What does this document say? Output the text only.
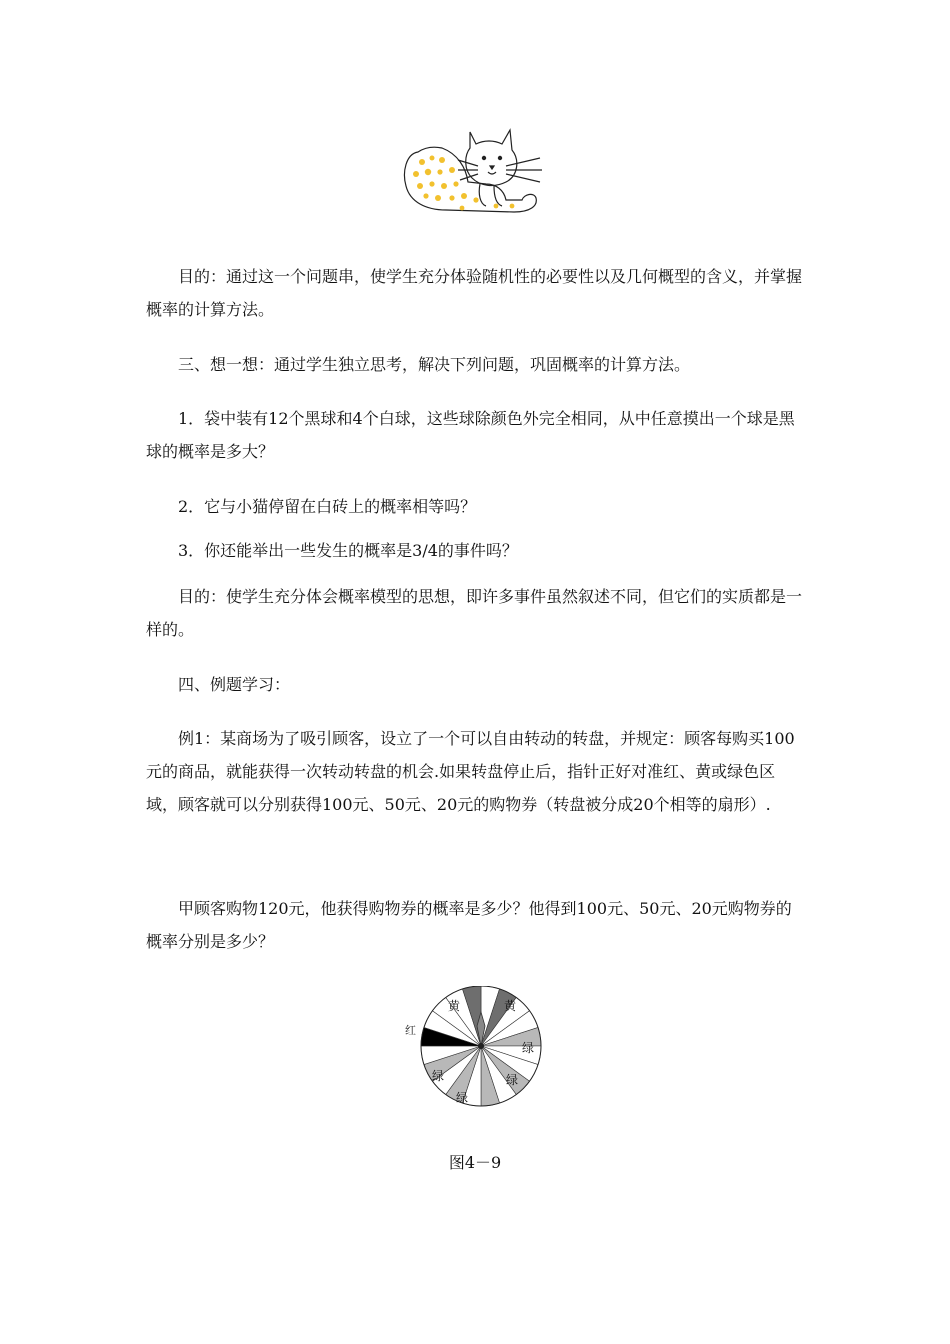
目的：通过这一个问题串，使学生充分体验随机性的必要性以及几何概型的含义，并掌握概率的计算方法。

三、想一想：通过学生独立思考，解决下列问题，巩固概率的计算方法。

1．袋中装有12个黑球和4个白球，这些球除颜色外完全相同，从中任意摸出一个球是黑球的概率是多大？

2．它与小猫停留在白砖上的概率相等吗？

3．你还能举出一些发生的概率是3/4的事件吗？

目的：使学生充分体会概率模型的思想，即许多事件虽然叙述不同，但它们的实质都是一样的。

四、例题学习：

例1：某商场为了吸引顾客，设立了一个可以自由转动的转盘，并规定：顾客每购买100元的商品，就能获得一次转动转盘的机会.如果转盘停止后，指针正好对准红、黄或绿色区域，顾客就可以分别获得100元、50元、20元的购物券（转盘被分成20个相等的扇形）.

甲顾客购物120元，他获得购物券的概率是多少？他得到100元、50元、20元购物券的概率分别是多少？

红
黄	黄
绿
绿
绿
绿
图4－9
